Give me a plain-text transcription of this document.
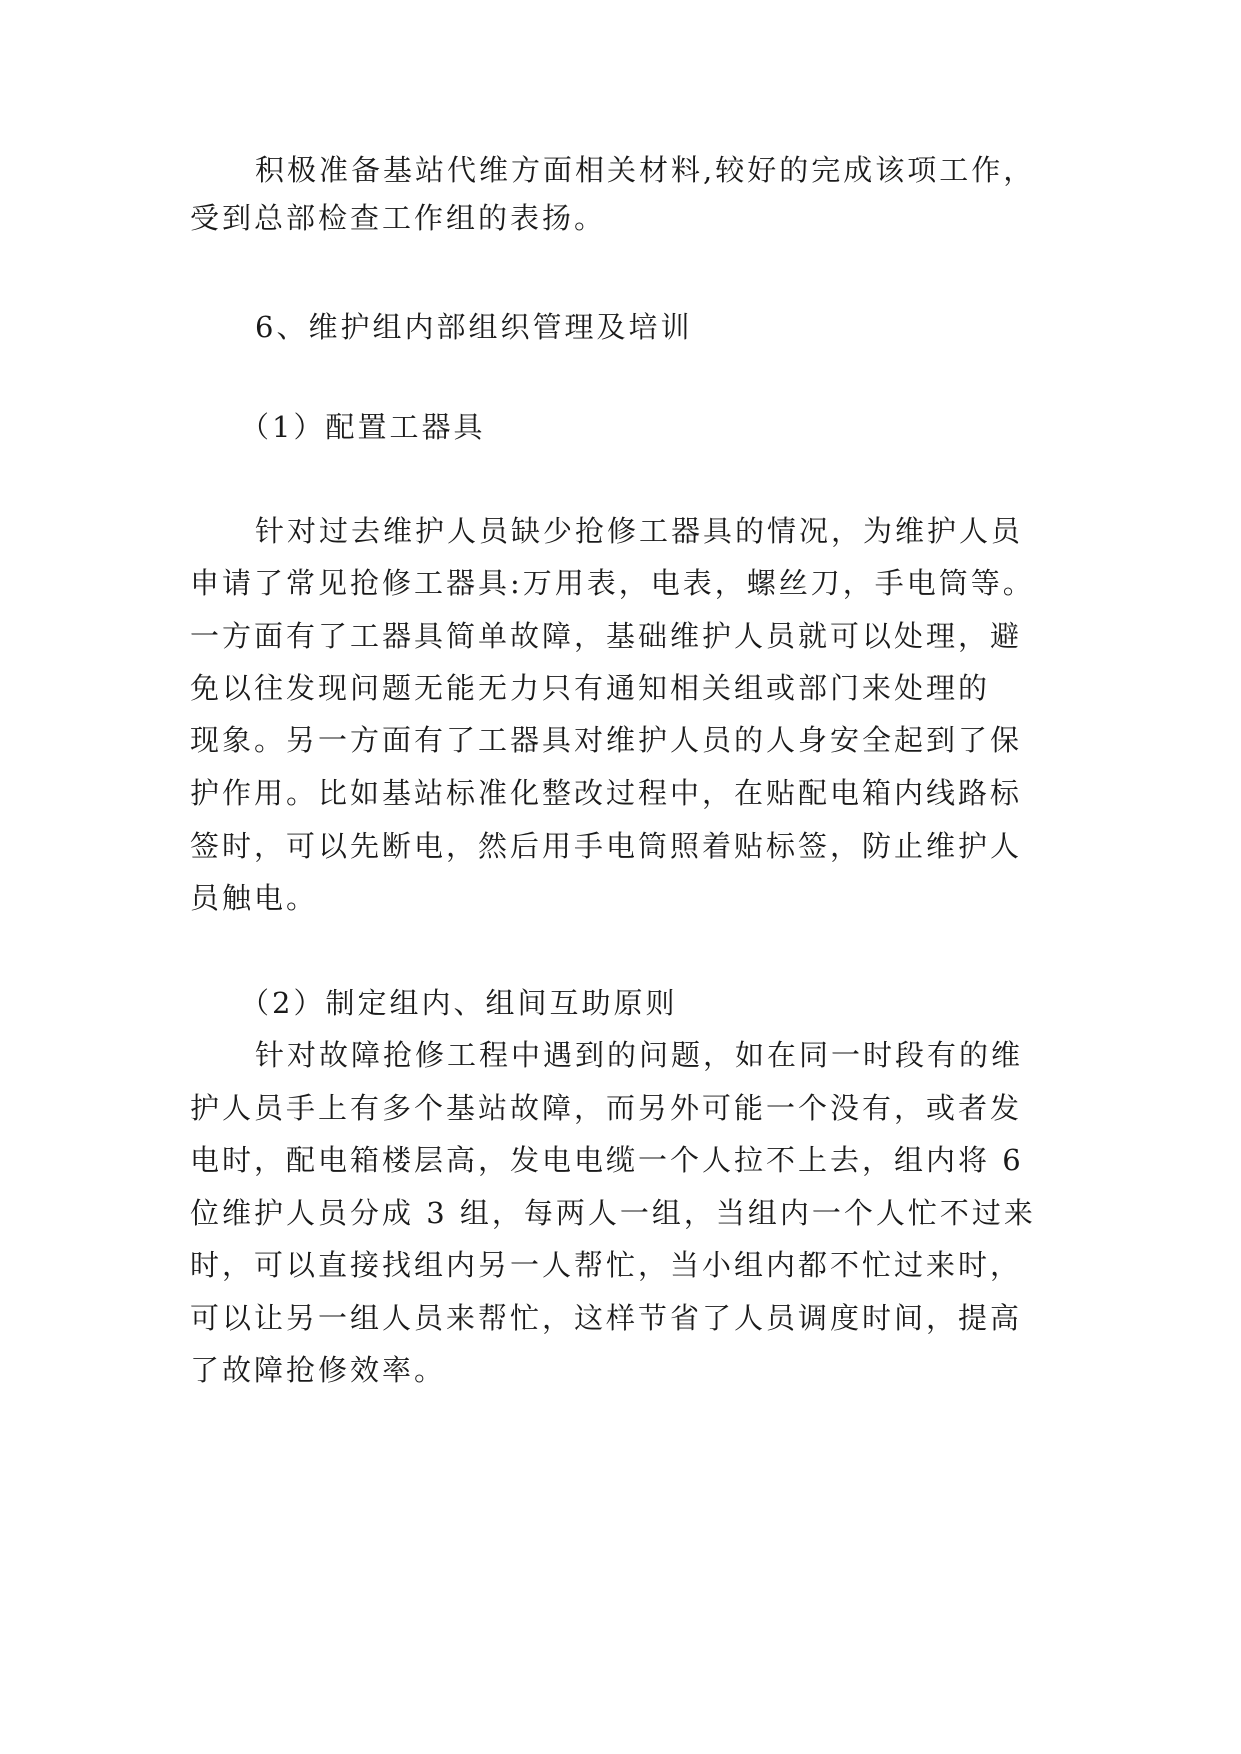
积极准备基站代维方面相关材料,较好的完成该项工作，
受到总部检查工作组的表扬。
6、维护组内部组织管理及培训
（1）配置工器具
针对过去维护人员缺少抢修工器具的情况，为维护人员
申请了常见抢修工器具:万用表，电表，螺丝刀，手电筒等。
一方面有了工器具简单故障，基础维护人员就可以处理，避
免以往发现问题无能无力只有通知相关组或部门来处理的
现象。另一方面有了工器具对维护人员的人身安全起到了保
护作用。比如基站标准化整改过程中，在贴配电箱内线路标
签时，可以先断电，然后用手电筒照着贴标签，防止维护人
员触电。
（2）制定组内、组间互助原则
针对故障抢修工程中遇到的问题，如在同一时段有的维
护人员手上有多个基站故障，而另外可能一个没有，或者发
电时，配电箱楼层高，发电电缆一个人拉不上去，组内将 6
位维护人员分成 3 组，每两人一组，当组内一个人忙不过来
时，可以直接找组内另一人帮忙，当小组内都不忙过来时，
可以让另一组人员来帮忙，这样节省了人员调度时间，提高
了故障抢修效率。
